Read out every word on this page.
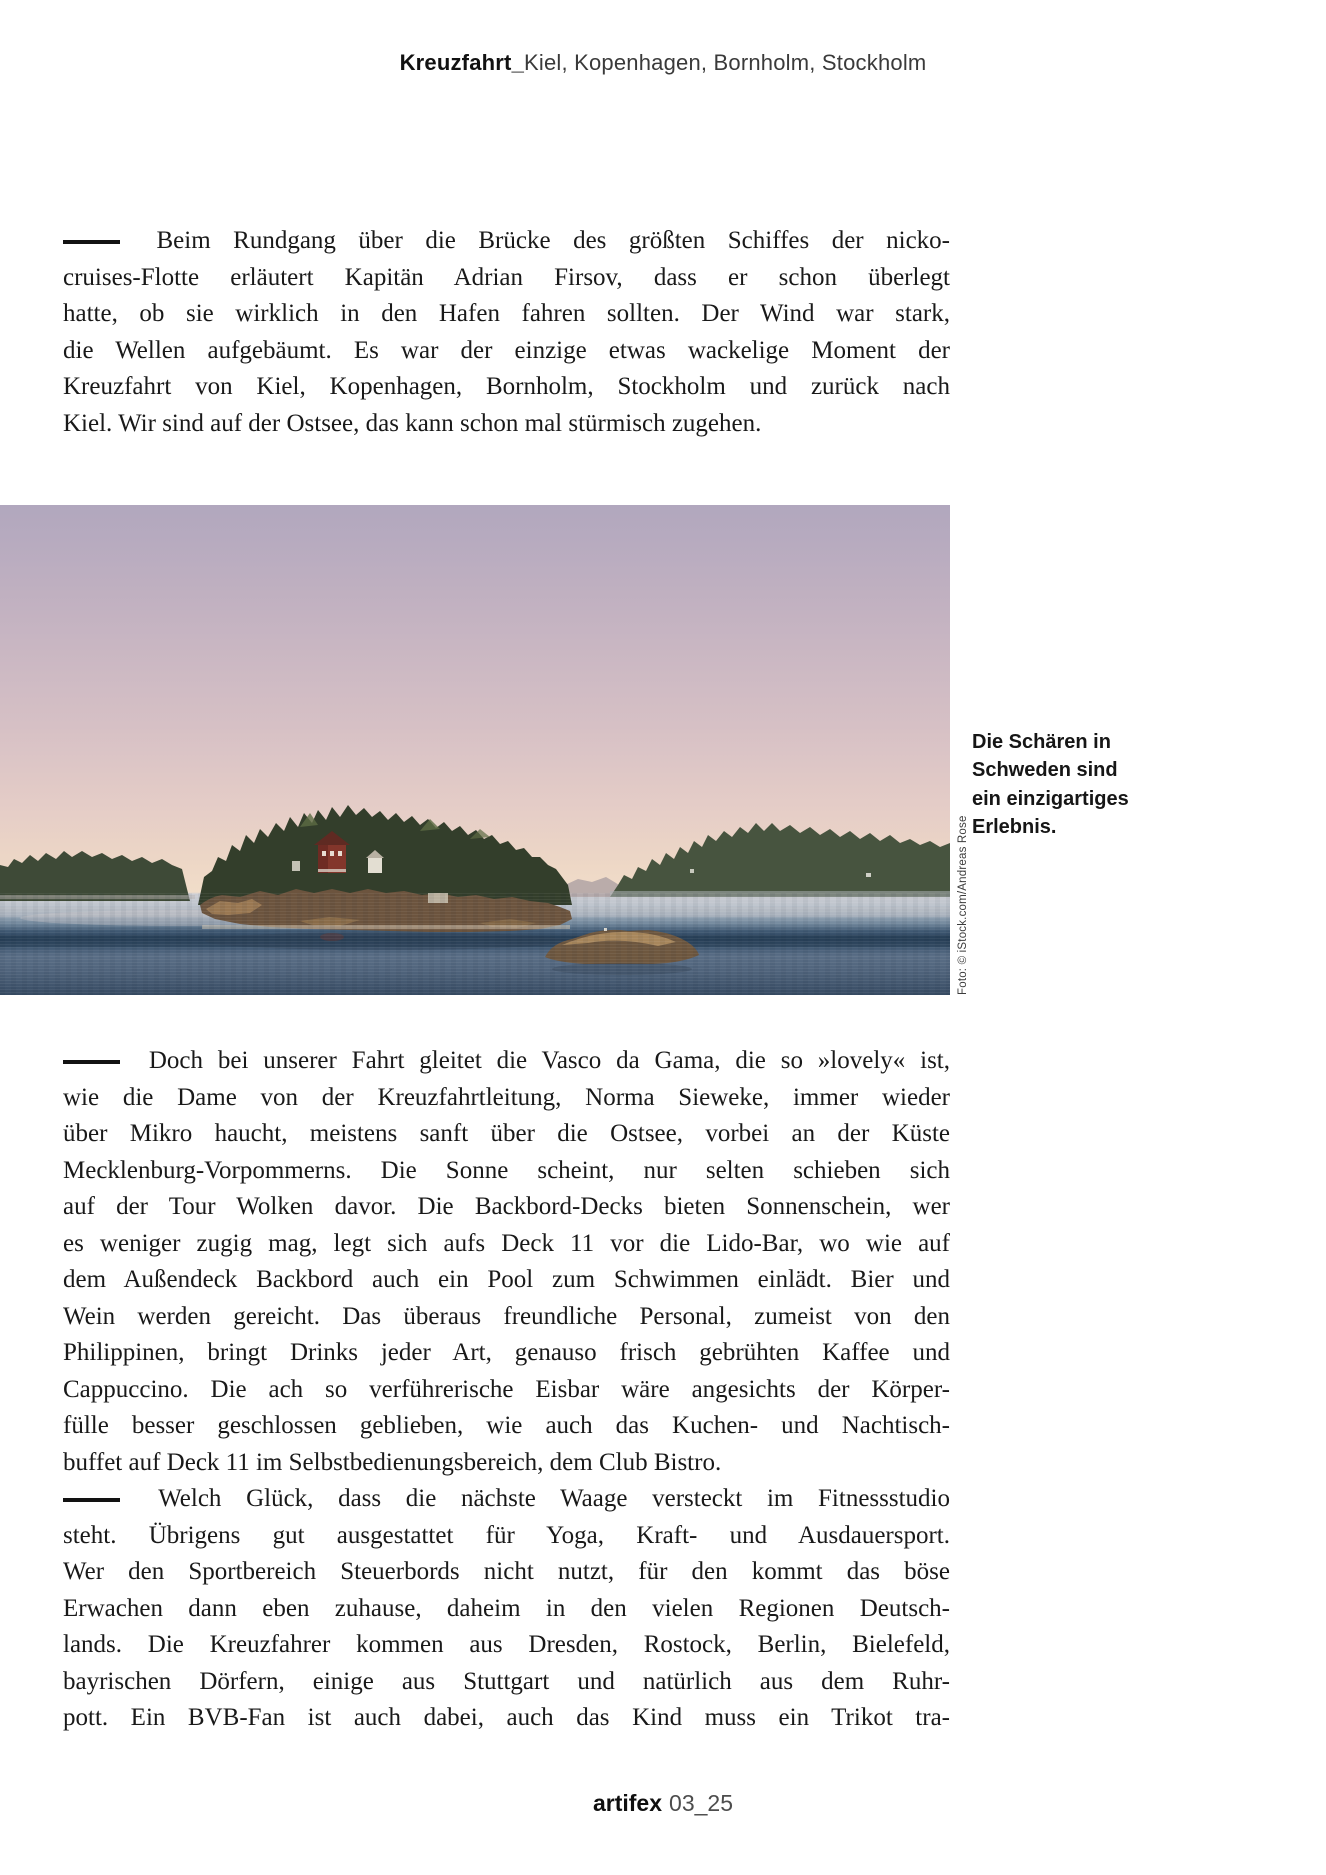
Kreuzfahrt_Kiel, Kopenhagen, Bornholm, Stockholm
Beim Rundgang über die Brücke des größten Schiffes der nicko-
cruises-Flotte erläutert Kapitän Adrian Firsov, dass er schon überlegt
hatte, ob sie wirklich in den Hafen fahren sollten. Der Wind war stark,
die Wellen aufgebäumt. Es war der einzige etwas wackelige Moment der
Kreuzfahrt von Kiel, Kopenhagen, Bornholm, Stockholm und zurück nach
Kiel. Wir sind auf der Ostsee, das kann schon mal stürmisch zugehen.
Die Schären in
Schweden sind
ein einzigartiges
Erlebnis.
Foto: © iStock.com/Andreas Rose
Doch bei unserer Fahrt gleitet die Vasco da Gama, die so »lovely« ist,
wie die Dame von der Kreuzfahrtleitung, Norma Sieweke, immer wieder
über Mikro haucht, meistens sanft über die Ostsee, vorbei an der Küste
Mecklenburg-Vorpommerns. Die Sonne scheint, nur selten schieben sich
auf der Tour Wolken davor. Die Backbord-Decks bieten Sonnenschein, wer
es weniger zugig mag, legt sich aufs Deck 11 vor die Lido-Bar, wo wie auf
dem Außendeck Backbord auch ein Pool zum Schwimmen einlädt. Bier und
Wein werden gereicht. Das überaus freundliche Personal, zumeist von den
Philippinen, bringt Drinks jeder Art, genauso frisch gebrühten Kaffee und
Cappuccino. Die ach so verführerische Eisbar wäre angesichts der Körper-
fülle besser geschlossen geblieben, wie auch das Kuchen- und Nachtisch-
buffet auf Deck 11 im Selbstbedienungsbereich, dem Club Bistro.
Welch Glück, dass die nächste Waage versteckt im Fitnessstudio
steht. Übrigens gut ausgestattet für Yoga, Kraft- und Ausdauersport.
Wer den Sportbereich Steuerbords nicht nutzt, für den kommt das böse
Erwachen dann eben zuhause, daheim in den vielen Regionen Deutsch-
lands. Die Kreuzfahrer kommen aus Dresden, Rostock, Berlin, Bielefeld,
bayrischen Dörfern, einige aus Stuttgart und natürlich aus dem Ruhr-
pott. Ein BVB-Fan ist auch dabei, auch das Kind muss ein Trikot tra-
artifex 03_25
